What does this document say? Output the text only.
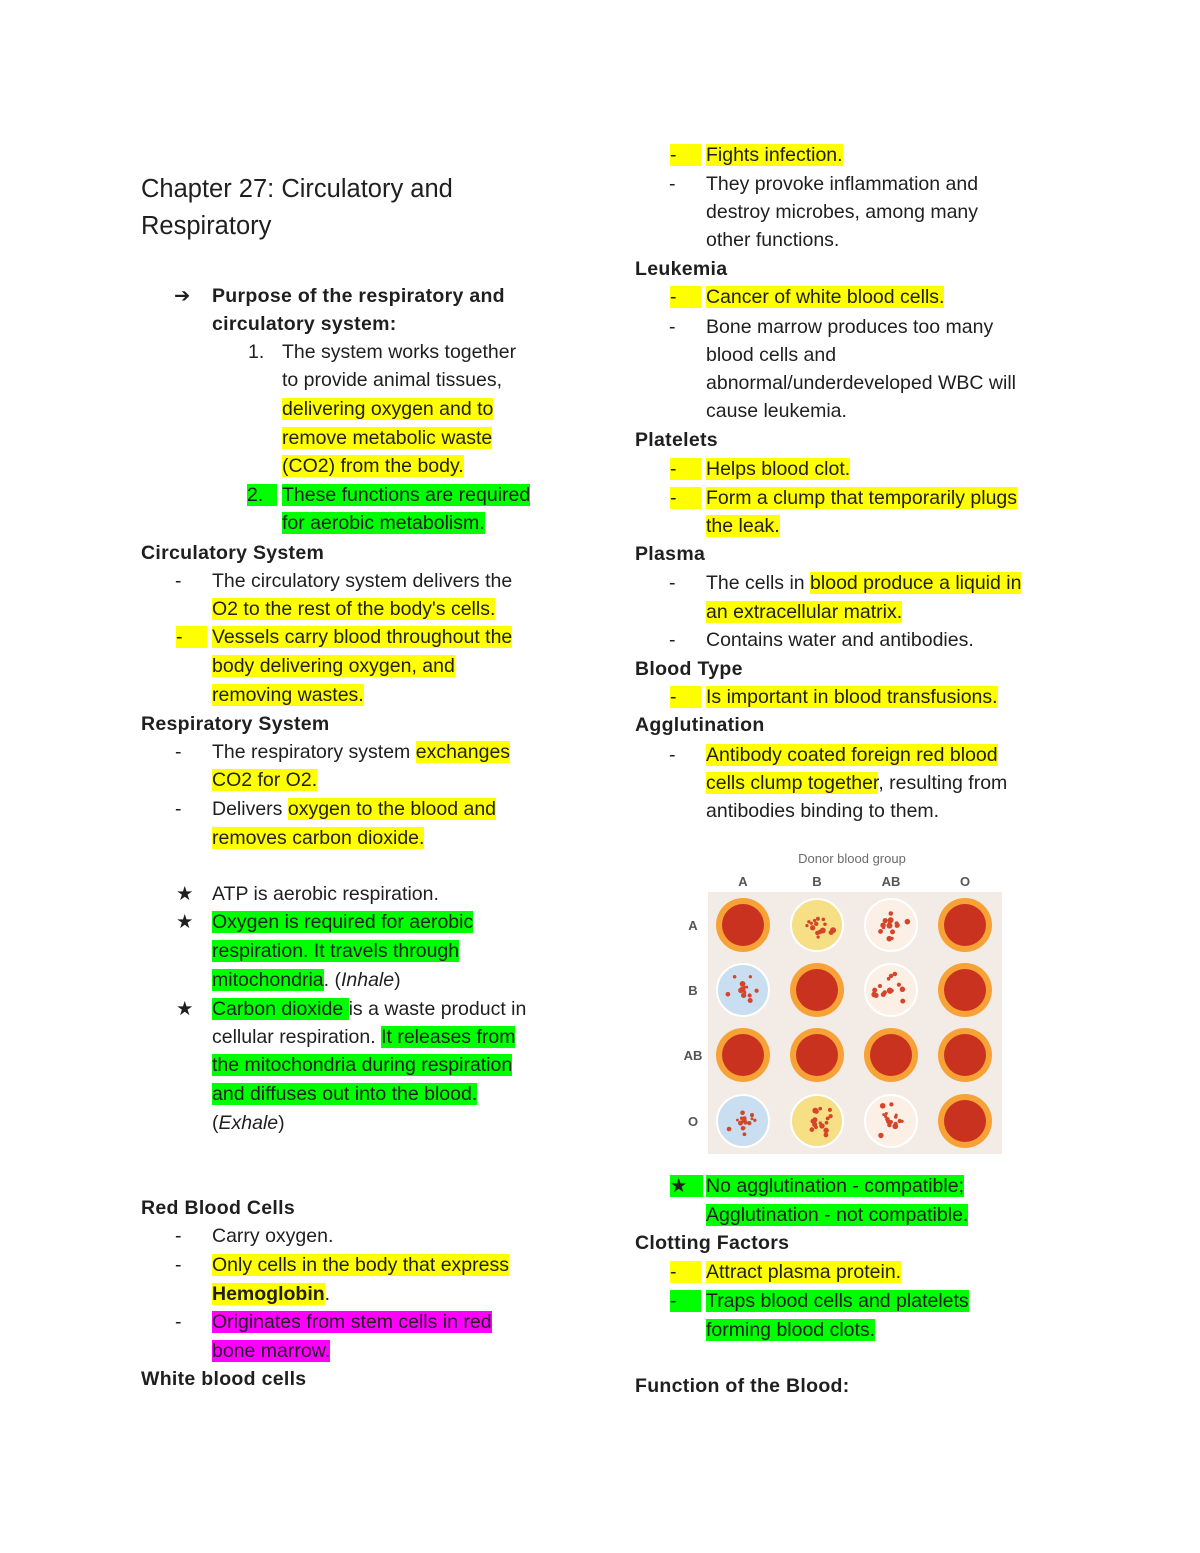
Chapter 27: Circulatory and
Respiratory
➔ Purpose of the respiratory and
circulatory system:
1. The system works together
to provide animal tissues,
delivering oxygen and to
remove metabolic waste
(CO2) from the body.
2. These functions are required
for aerobic metabolism.
Circulatory System
- The circulatory system delivers the
O2 to the rest of the body's cells.
-	Vessels carry blood throughout the
body delivering oxygen, and
removing wastes.
Respiratory System
- The respiratory system exchanges
CO2 for O2.
- Delivers oxygen to the blood and
removes carbon dioxide.
★ ATP is aerobic respiration.
★ Oxygen is required for aerobic
respiration. It travels through
mitochondria. (Inhale)
★ Carbon dioxide is a waste product in
cellular respiration. It releases from
the mitochondria during respiration
and diffuses out into the blood.
(Exhale)
Red Blood Cells
- Carry oxygen.
- Only cells in the body that express
Hemoglobin.
- Originates from stem cells in red
bone marrow.
White blood cells
-	Fights infection.
- They provoke inflammation and
destroy microbes, among many
other functions.
Leukemia
-	Cancer of white blood cells.
- Bone marrow produces too many
blood cells and
abnormal/underdeveloped WBC will
cause leukemia.
Platelets
-	Helps blood clot.
-	Form a clump that temporarily plugs
the leak.
Plasma
- The cells in blood produce a liquid in
an extracellular matrix.
- Contains water and antibodies.
Blood Type
-	Is important in blood transfusions.
Agglutination
- Antibody coated foreign red blood
cells clump together, resulting from
antibodies binding to them.
★ No agglutination - compatible;
Agglutination - not compatible.
Clotting Factors
-	Attract plasma protein.
-	Traps blood cells and platelets
forming blood clots.
Function of the Blood:
Donor blood group
A	B	AB	O
A
B
AB
O
